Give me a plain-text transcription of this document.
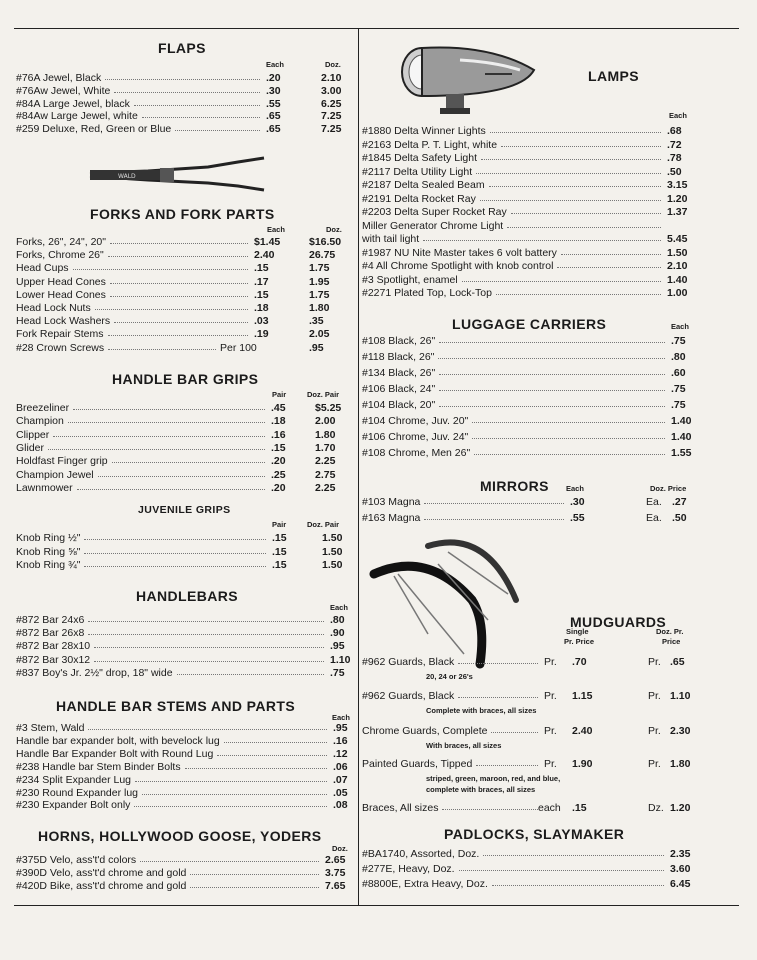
FLAPS
Each	Doz.
#76A Jewel, Black	.20	2.10
#76Aw Jewel, White	.30	3.00
#84A Large Jewel, black	.55	6.25
#84Aw Large Jewel, white	.65	7.25
#259 Deluxe, Red, Green or Blue	.65	7.25
WALD
FORKS AND FORK PARTS
Each	Doz.
Forks, 26", 24", 20"	$1.45	$16.50
Forks, Chrome 26"	2.40	26.75
Head Cups	.15	1.75
Upper Head Cones	.17	1.95
Lower Head Cones	.15	1.75
Head Lock Nuts	.18	1.80
Head Lock Washers	.03	.35
Fork Repair Stems	.19	2.05
#28 Crown Screws	Per 100	.95
HANDLE BAR GRIPS
Pair	Doz. Pair
Breezeliner	.45	$5.25
Champion	.18	2.00
Clipper	.16	1.80
Glider	.15	1.70
Holdfast Finger grip	.20	2.25
Champion Jewel	.25	2.75
Lawnmower	.20	2.25
JUVENILE GRIPS
Pair	Doz. Pair
Knob Ring ½"	.15	1.50
Knob Ring ⅝"	.15	1.50
Knob Ring ¾"	.15	1.50
HANDLEBARS
Each
#872 Bar 24x6	.80
#872 Bar 26x8	.90
#872 Bar 28x10	.95
#872 Bar 30x12	1.10
#837 Boy's Jr. 2½" drop, 18" wide	.75
HANDLE BAR STEMS AND PARTS
Each
#3 Stem, Wald	.95
Handle bar expander bolt, with bevelock lug	.16
Handle Bar Expander Bolt with Round Lug	.12
#238 Handle bar Stem Binder Bolts	.06
#234 Split Expander Lug	.07
#230 Round Expander lug	.05
#230 Expander Bolt only	.08
HORNS, HOLLYWOOD GOOSE, YODERS
Doz.
#375D Velo, ass't'd colors	2.65
#390D Velo, ass't'd chrome and gold	3.75
#420D Bike, ass't'd chrome and gold	7.65
LAMPS
Each
#1880 Delta Winner Lights	.68
#2163 Delta P. T. Light, white	.72
#1845 Delta Safety Light	.78
#2117 Delta Utility Light	.50
#2187 Delta Sealed Beam	3.15
#2191 Delta Rocket Ray	1.20
#2203 Delta Super Rocket Ray	1.37
Miller Generator Chrome Light
with tail light	5.45
#1987 NU Nite Master takes 6 volt battery	1.50
#4 All Chrome Spotlight with knob control	2.10
#3 Spotlight, enamel	1.40
#2271 Plated Top, Lock-Top	1.00
LUGGAGE CARRIERS	Each
#108 Black, 26"	.75
#118 Black, 26"	.80
#134 Black, 26"	.60
#106 Black, 24"	.75
#104 Black, 20"	.75
#104 Chrome, Juv. 20"	1.40
#106 Chrome, Juv. 24"	1.40
#108 Chrome, Men 26"	1.55
MIRRORS Each	Doz. Price
#103 Magna	.30	Ea. .27
#163 Magna	.55	Ea. .50
MUDGUARDS
Single
Pr. Price
Doz. Pr.
Price
#962 Guards, Black	Pr. .70	Pr. .65
20, 24 or 26's
#962 Guards, Black	Pr. 1.15	Pr. 1.10
Complete with braces, all sizes
Chrome Guards, Complete	Pr. 2.40	Pr. 2.30
With braces, all sizes
Painted Guards, Tipped	Pr. 1.90	Pr. 1.80
striped, green, maroon, red, and blue,
complete with braces, all sizes
Braces, All sizes	each .15	Dz. 1.20
PADLOCKS, SLAYMAKER
#BA1740, Assorted, Doz.	2.35
#277E, Heavy, Doz.	3.60
#8800E, Extra Heavy, Doz.	6.45
